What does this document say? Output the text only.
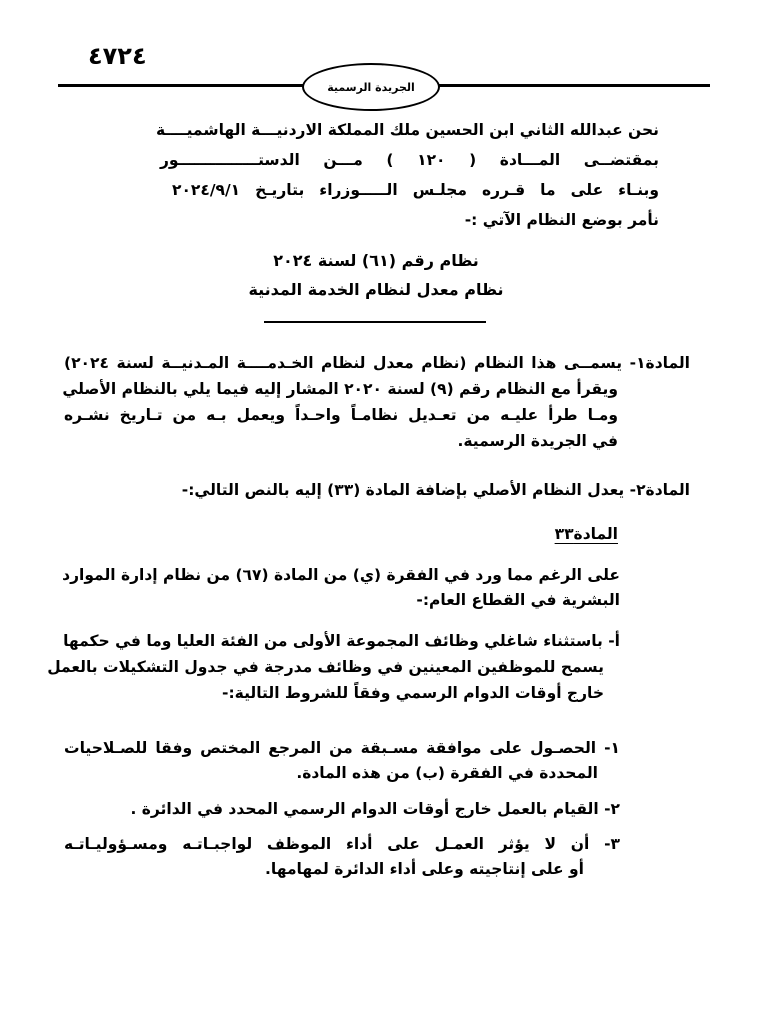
٤٧٢٤
الجريدة الرسمية
نحن عبدالله الثاني ابن الحسين ملك المملكة الاردنيـــة الهاشميــــة
بمقتضــى المـــادة ( ١٢٠ ) مـــن الدستـــــــــــــــور
وبنـاء على ما قـرره مجلـس الـــــوزراء بتاريـخ ٢٠٢٤/٩/١
نأمر بوضع النظام الآتي :-
نظام رقم (٦١) لسنة ٢٠٢٤
نظام معدل لنظام الخدمة المدنية
المادة١- يسمــى هذا النظام (نظام معدل لنظام الخـدمــــة المـدنيــة لسنة ٢٠٢٤)
ويقرأ مع النظام رقم (٩) لسنة ٢٠٢٠ المشار إليه فيما يلي بالنظام الأصلي
ومـا طرأ عليـه من تعـديل نظامـاً واحـداً ويعمل بـه من تـاريخ نشـره
في الجريدة الرسمية.
المادة٢- يعدل النظام الأصلي بإضافة المادة (٣٣) إليه بالنص التالي:-
المادة٣٣
على الرغم مما ورد في الفقرة (ي) من المادة (٦٧) من نظام إدارة الموارد
البشرية في القطاع العام:-
أ- باستثناء شاغلي وظائف المجموعة الأولى من الفئة العليا وما في حكمها
يسمح للموظفين المعينين في وظائف مدرجة في جدول التشكيلات بالعمل
خارج أوقات الدوام الرسمي وفقاً للشروط التالية:-
١- الحصـول على موافقة مسـبقة من المرجع المختص وفقا للصـلاحيات
المحددة في الفقرة (ب) من هذه المادة.
٢- القيام بالعمل خارج أوقات الدوام الرسمي المحدد في الدائرة .
٣- أن لا يؤثر العمـل على أداء الموظف لواجبـاتـه ومسـؤوليـاتـه
أو على إنتاجيته وعلى أداء الدائرة لمهامها.
